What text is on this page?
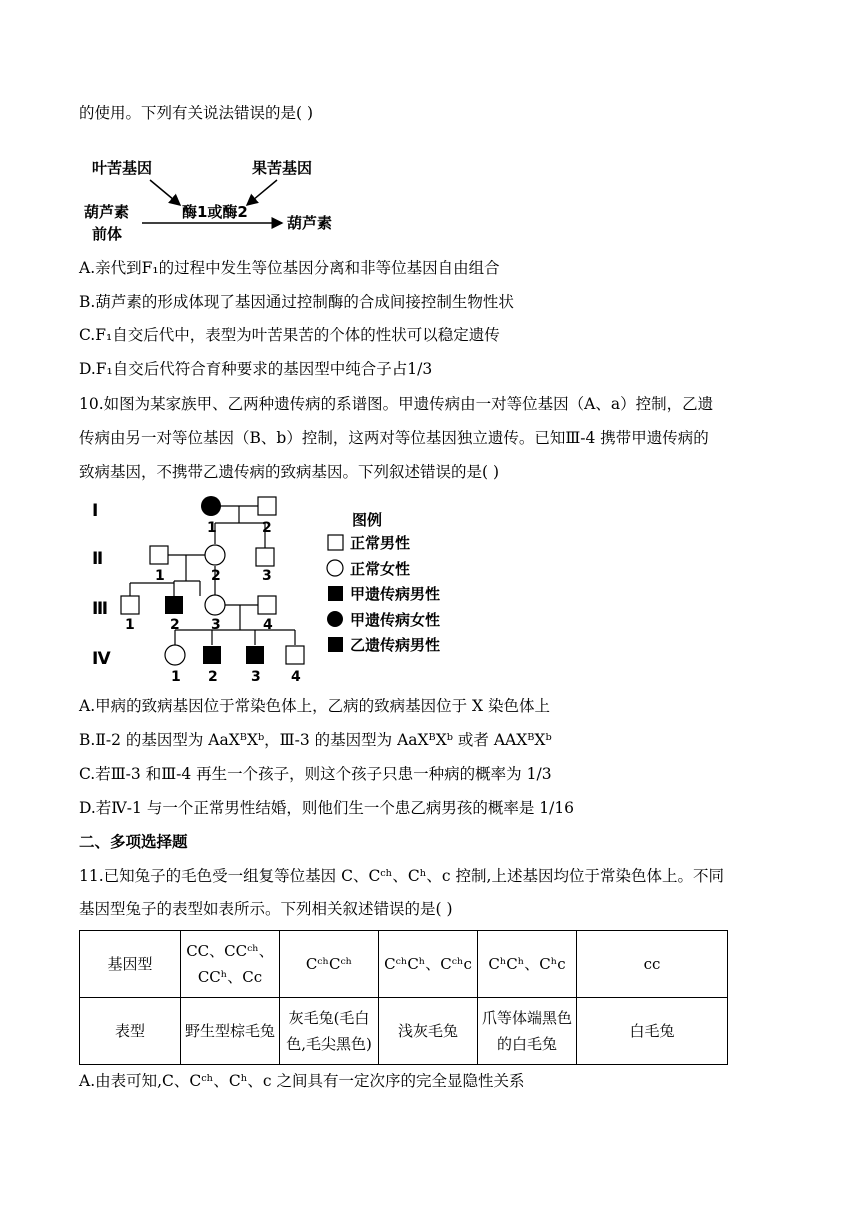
的使用。下列有关说法错误的是( )
叶苦基因	果苦基因
酶1或酶2
葫芦素
前体
葫芦素
A.亲代到F₁的过程中发生等位基因分离和非等位基因自由组合
B.葫芦素的形成体现了基因通过控制酶的合成间接控制生物性状
C.F₁自交后代中，表型为叶苦果苦的个体的性状可以稳定遗传
D.F₁自交后代符合育种要求的基因型中纯合子占1/3
10.如图为某家族甲、乙两种遗传病的系谱图。甲遗传病由一对等位基因（A、a）控制，乙遗
传病由另一对等位基因（B、b）控制，这两对等位基因独立遗传。已知Ⅲ-4 携带甲遗传病的
致病基因，不携带乙遗传病的致病基因。下列叙述错误的是( )
Ⅰ
Ⅱ
Ⅲ
Ⅳ
1	2
1	2	3
1	2 3	4
1 2 3 4
图例
正常男性
正常女性
甲遗传病男性
甲遗传病女性
乙遗传病男性
A.甲病的致病基因位于常染色体上，乙病的致病基因位于 X 染色体上
B.Ⅱ-2 的基因型为 AaXᴮXᵇ，Ⅲ-3 的基因型为 AaXᴮXᵇ 或者 AAXᴮXᵇ
C.若Ⅲ-3 和Ⅲ-4 再生一个孩子，则这个孩子只患一种病的概率为 1/3
D.若Ⅳ-1 与一个正常男性结婚，则他们生一个患乙病男孩的概率是 1/16
二、多项选择题
11.已知兔子的毛色受一组复等位基因 C、Cᶜʰ、Cʰ、c 控制,上述基因均位于常染色体上。不同
基因型兔子的表型如表所示。下列相关叙述错误的是( )
基因型	CC、CCᶜʰ、CCʰ、Cc	CᶜʰCᶜʰ	CᶜʰCʰ、Cᶜʰc	CʰCʰ、Cʰc	cc
表型	野生型棕毛兔	灰毛兔(毛白色,毛尖黑色)	浅灰毛兔	爪等体端黑色的白毛兔	白毛兔
A.由表可知,C、Cᶜʰ、Cʰ、c 之间具有一定次序的完全显隐性关系
